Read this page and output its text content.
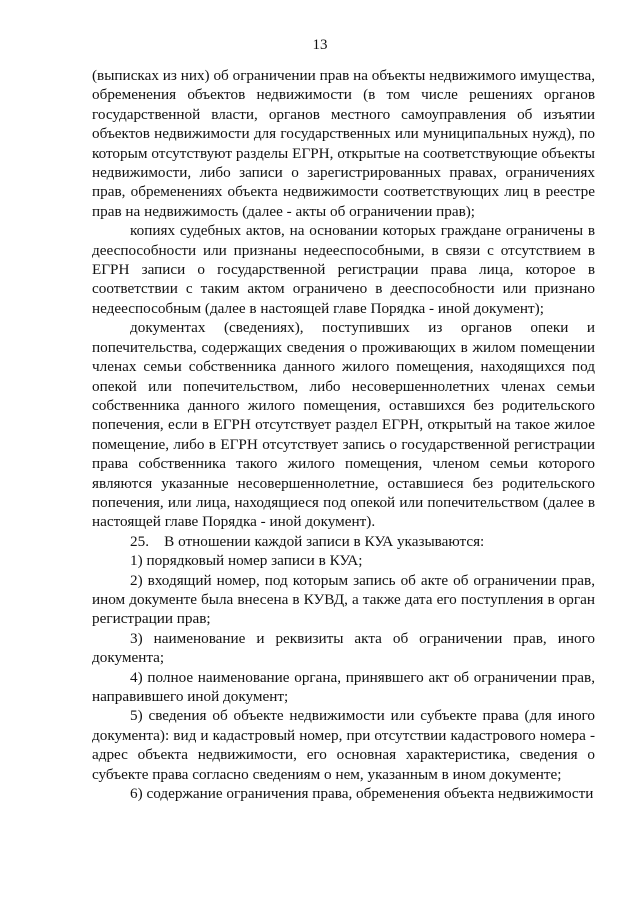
13

(выписках из них) об ограничении прав на объекты недвижимого имущества, обременения объектов недвижимости (в том числе решениях органов государственной власти, органов местного самоуправления об изъятии объектов недвижимости для государственных или муниципальных нужд), по которым отсутствуют разделы ЕГРН, открытые на соответствующие объекты недвижимости, либо записи о зарегистрированных правах, ограничениях прав, обременениях объекта недвижимости соответствующих лиц в реестре прав на недвижимость (далее - акты об ограничении прав);

копиях судебных актов, на основании которых граждане ограничены в дееспособности или признаны недееспособными, в связи с отсутствием в ЕГРН записи о государственной регистрации права лица, которое в соответствии с таким актом ограничено в дееспособности или признано недееспособным (далее в настоящей главе Порядка - иной документ);

документах (сведениях), поступивших из органов опеки и попечительства, содержащих сведения о проживающих в жилом помещении членах семьи собственника данного жилого помещения, находящихся под опекой или попечительством, либо несовершеннолетних членах семьи собственника данного жилого помещения, оставшихся без родительского попечения, если в ЕГРН отсутствует раздел ЕГРН, открытый на такое жилое помещение, либо в ЕГРН отсутствует запись о государственной регистрации права собственника такого жилого помещения, членом семьи которого являются указанные несовершеннолетние, оставшиеся без родительского попечения, или лица, находящиеся под опекой или попечительством (далее в настоящей главе Порядка - иной документ).

25.    В отношении каждой записи в КУА указываются:

1) порядковый номер записи в КУА;

2) входящий номер, под которым запись об акте об ограничении прав, ином документе была внесена в КУВД, а также дата его поступления в орган регистрации прав;

3) наименование и реквизиты акта об ограничении прав, иного документа;

4) полное наименование органа, принявшего акт об ограничении прав, направившего иной документ;

5) сведения об объекте недвижимости или субъекте права (для иного документа): вид и кадастровый номер, при отсутствии кадастрового номера - адрес объекта недвижимости, его основная характеристика, сведения о субъекте права согласно сведениям о нем, указанным в ином документе;

6) содержание ограничения права, обременения объекта недвижимости
